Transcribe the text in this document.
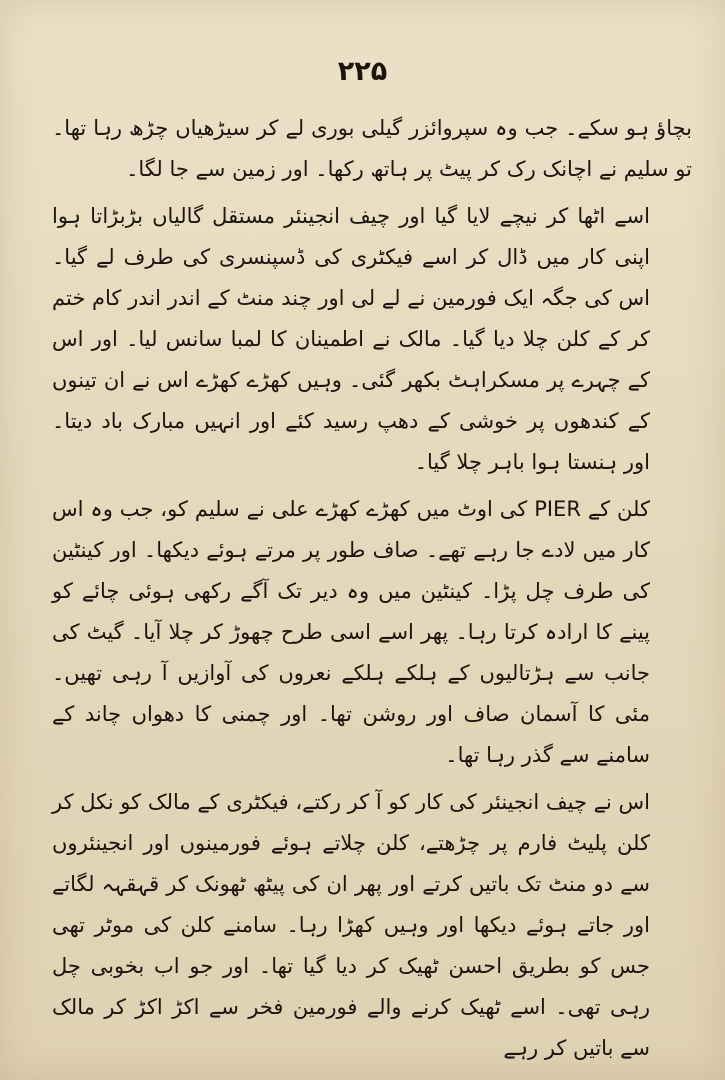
۲۲۵

بچاؤ ہو سکے۔ جب وہ سپروائزر گیلی بوری لے کر سیڑھیاں چڑھ رہا تھا۔ تو سلیم نے اچانک رک کر پیٹ پر ہاتھ رکھا۔ اور زمین سے جا لگا۔

اسے اٹھا کر نیچے لایا گیا اور چیف انجینئر مستقل گالیاں بڑبڑاتا ہوا اپنی کار میں ڈال کر اسے فیکٹری کی ڈسپنسری کی طرف لے گیا۔ اس کی جگہ ایک فورمین نے لے لی اور چند منٹ کے اندر اندر کام ختم کر کے کلن چلا دیا گیا۔ مالک نے اطمینان کا لمبا سانس لیا۔ اور اس کے چہرے پر مسکراہٹ بکھر گئی۔ وہیں کھڑے کھڑے اس نے ان تینوں کے کندھوں پر خوشی کے دھپ رسید کئے اور انہیں مبارک باد دیتا۔ اور ہنستا ہوا باہر چلا گیا۔

کلن کے PIER کی اوٹ میں کھڑے کھڑے علی نے سلیم کو، جب وہ اس کار میں لادے جا رہے تھے۔ صاف طور پر مرتے ہوئے دیکھا۔ اور کینٹین کی طرف چل پڑا۔ کینٹین میں وہ دیر تک آگے رکھی ہوئی چائے کو پینے کا ارادہ کرتا رہا۔ پھر اسے اسی طرح چھوڑ کر چلا آیا۔ گیٹ کی جانب سے ہڑتالیوں کے ہلکے ہلکے نعروں کی آوازیں آ رہی تھیں۔ مئی کا آسمان صاف اور روشن تھا۔ اور چمنی کا دھواں چاند کے سامنے سے گذر رہا تھا۔

اس نے چیف انجینئر کی کار کو آ کر رکتے، فیکٹری کے مالک کو نکل کر کلن پلیٹ فارم پر چڑھتے، کلن چلاتے ہوئے فورمینوں اور انجینئروں سے دو منٹ تک باتیں کرتے اور پھر ان کی پیٹھ ٹھونک کر قہقہہ لگاتے اور جاتے ہوئے دیکھا اور وہیں کھڑا رہا۔ سامنے کلن کی موٹر تھی جس کو بطریق احسن ٹھیک کر دیا گیا تھا۔ اور جو اب بخوبی چل رہی تھی۔ اسے ٹھیک کرنے والے فورمین فخر سے اکڑ اکڑ کر مالک سے باتیں کر رہے
